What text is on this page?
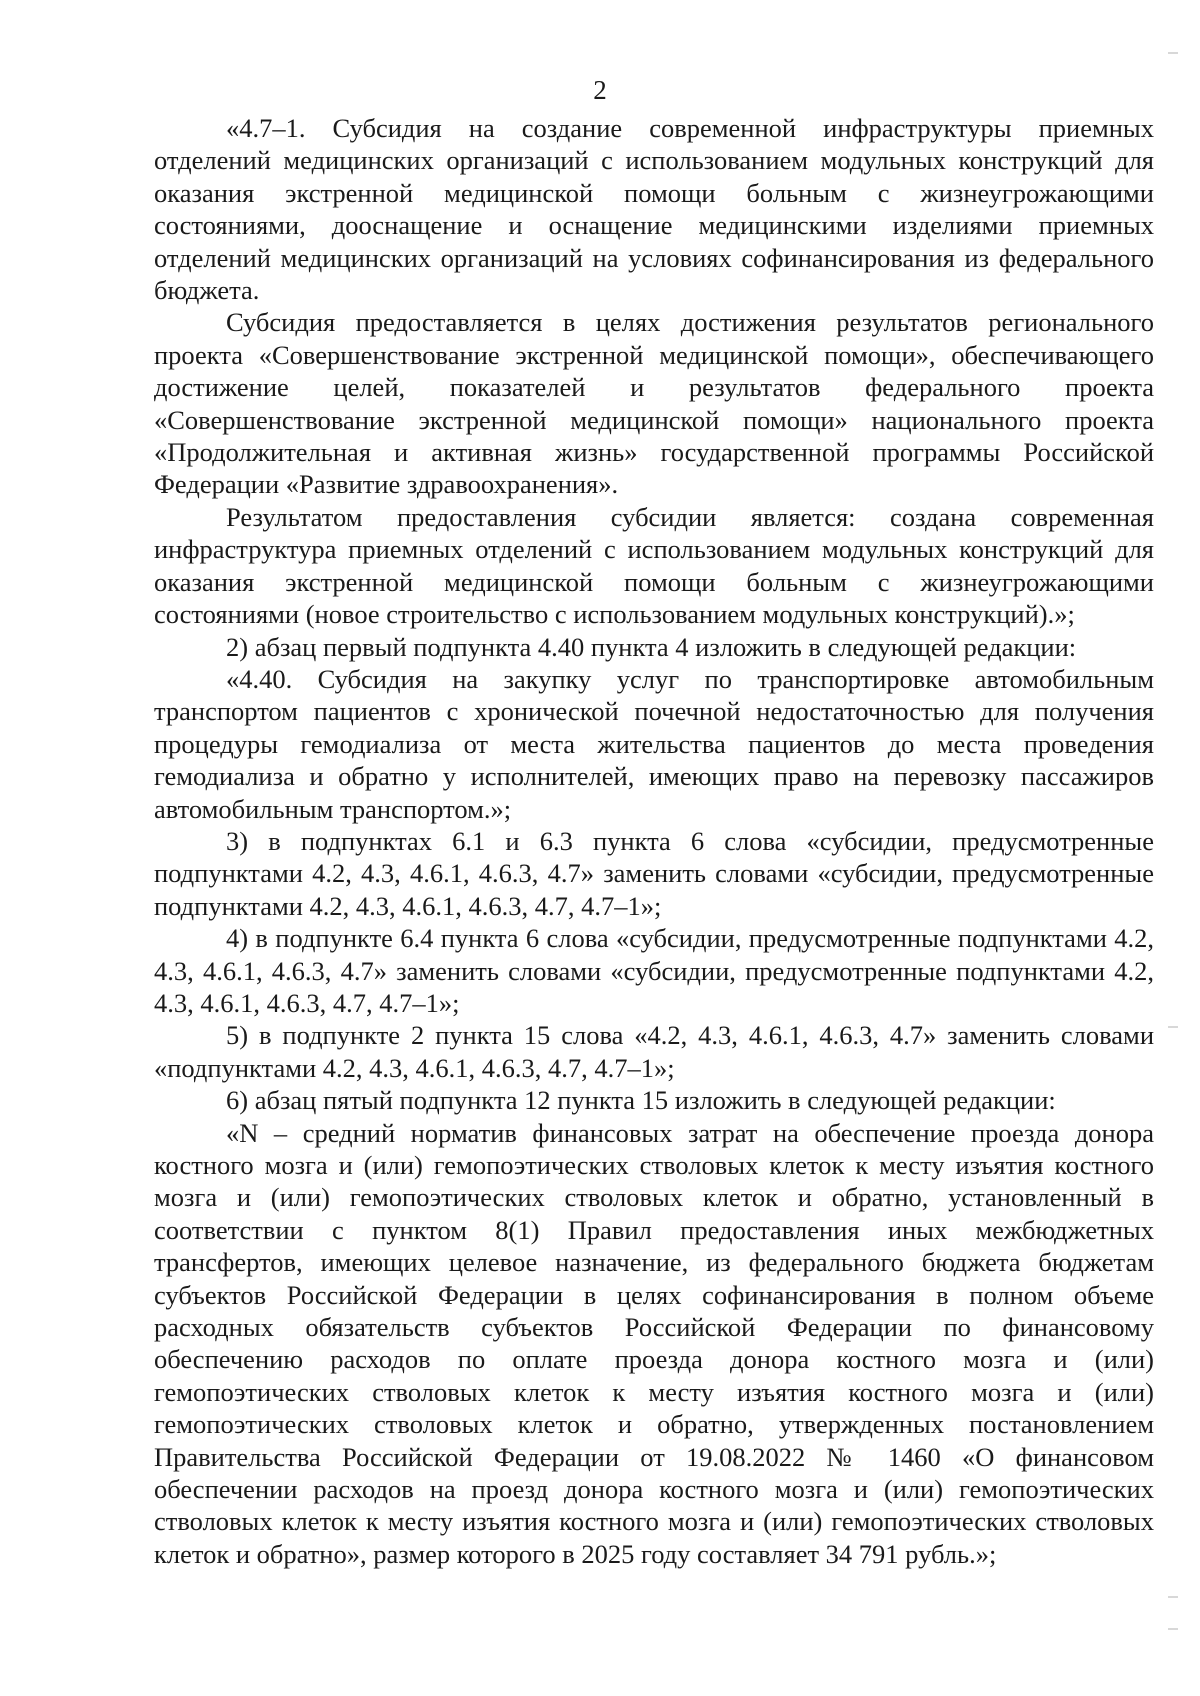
2

«4.7–1. Субсидия на создание современной инфраструктуры приемных отделений медицинских организаций с использованием модульных конструкций для оказания экстренной медицинской помощи больным с жизнеугрожающими состояниями, дооснащение и оснащение медицинскими изделиями приемных отделений медицинских организаций на условиях софинансирования из федерального бюджета.

Субсидия предоставляется в целях достижения результатов регионального проекта «Совершенствование экстренной медицинской помощи», обеспечивающего достижение целей, показателей и результатов федерального проекта «Совершенствование экстренной медицинской помощи» национального проекта «Продолжительная и активная жизнь» государственной программы Российской Федерации «Развитие здравоохранения».

Результатом предоставления субсидии является: создана современная инфраструктура приемных отделений с использованием модульных конструкций для оказания экстренной медицинской помощи больным с жизнеугрожающими состояниями (новое строительство с использованием модульных конструкций).»;

2) абзац первый подпункта 4.40 пункта 4 изложить в следующей редакции:

«4.40. Субсидия на закупку услуг по транспортировке автомобильным транспортом пациентов с хронической почечной недостаточностью для получения процедуры гемодиализа от места жительства пациентов до места проведения гемодиализа и обратно у исполнителей, имеющих право на перевозку пассажиров автомобильным транспортом.»;

3) в подпунктах 6.1 и 6.3 пункта 6 слова «субсидии, предусмотренные подпунктами 4.2, 4.3, 4.6.1, 4.6.3, 4.7» заменить словами «субсидии, предусмотренные подпунктами 4.2, 4.3, 4.6.1, 4.6.3, 4.7, 4.7–1»;

4) в подпункте 6.4 пункта 6 слова «субсидии, предусмотренные подпунктами 4.2, 4.3, 4.6.1, 4.6.3, 4.7» заменить словами «субсидии, предусмотренные подпунктами 4.2, 4.3, 4.6.1, 4.6.3, 4.7, 4.7–1»;

5) в подпункте 2 пункта 15 слова «4.2, 4.3, 4.6.1, 4.6.3, 4.7» заменить словами «подпунктами 4.2, 4.3, 4.6.1, 4.6.3, 4.7, 4.7–1»;

6) абзац пятый подпункта 12 пункта 15 изложить в следующей редакции:

«N – средний норматив финансовых затрат на обеспечение проезда донора костного мозга и (или) гемопоэтических стволовых клеток к месту изъятия костного мозга и (или) гемопоэтических стволовых клеток и обратно, установленный в соответствии с пунктом 8(1) Правил предоставления иных межбюджетных трансфертов, имеющих целевое назначение, из федерального бюджета бюджетам субъектов Российской Федерации в целях софинансирования в полном объеме расходных обязательств субъектов Российской Федерации по финансовому обеспечению расходов по оплате проезда донора костного мозга и (или) гемопоэтических стволовых клеток к месту изъятия костного мозга и (или) гемопоэтических стволовых клеток и обратно, утвержденных постановлением Правительства Российской Федерации от 19.08.2022 № 1460 «О финансовом обеспечении расходов на проезд донора костного мозга и (или) гемопоэтических стволовых клеток к месту изъятия костного мозга и (или) гемопоэтических стволовых клеток и обратно», размер которого в 2025 году составляет 34 791 рубль.»;
